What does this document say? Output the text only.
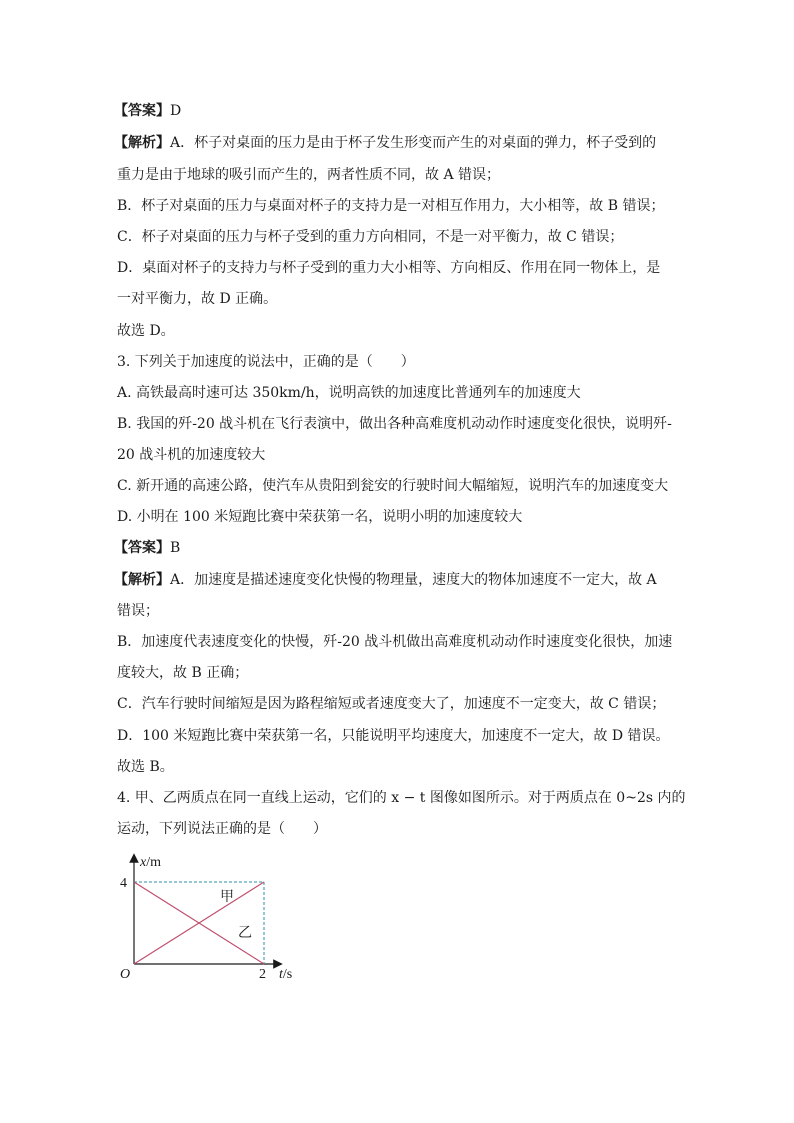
【答案】D
【解析】A．杯子对桌面的压力是由于杯子发生形变而产生的对桌面的弹力，杯子受到的
重力是由于地球的吸引而产生的，两者性质不同，故 A 错误；
B．杯子对桌面的压力与桌面对杯子的支持力是一对相互作用力，大小相等，故 B 错误；
C．杯子对桌面的压力与杯子受到的重力方向相同，不是一对平衡力，故 C 错误；
D．桌面对杯子的支持力与杯子受到的重力大小相等、方向相反、作用在同一物体上，是
一对平衡力，故 D 正确。
故选 D。
3. 下列关于加速度的说法中，正确的是（　　）
A. 高铁最高时速可达 350km/h，说明高铁的加速度比普通列车的加速度大
B. 我国的歼-20 战斗机在飞行表演中，做出各种高难度机动动作时速度变化很快，说明歼-
20 战斗机的加速度较大
C. 新开通的高速公路，使汽车从贵阳到瓮安的行驶时间大幅缩短，说明汽车的加速度变大
D. 小明在 100 米短跑比赛中荣获第一名，说明小明的加速度较大
【答案】B
【解析】A．加速度是描述速度变化快慢的物理量，速度大的物体加速度不一定大，故 A
错误；
B．加速度代表速度变化的快慢，歼-20 战斗机做出高难度机动动作时速度变化很快，加速
度较大，故 B 正确；
C．汽车行驶时间缩短是因为路程缩短或者速度变大了，加速度不一定变大，故 C 错误；
D．100 米短跑比赛中荣获第一名，只能说明平均速度大，加速度不一定大，故 D 错误。
故选 B。
4. 甲、乙两质点在同一直线上运动，它们的 x − t 图像如图所示。对于两质点在 0~2s 内的
运动，下列说法正确的是（　　）
x/m
4
O	2 t/s
甲
乙
